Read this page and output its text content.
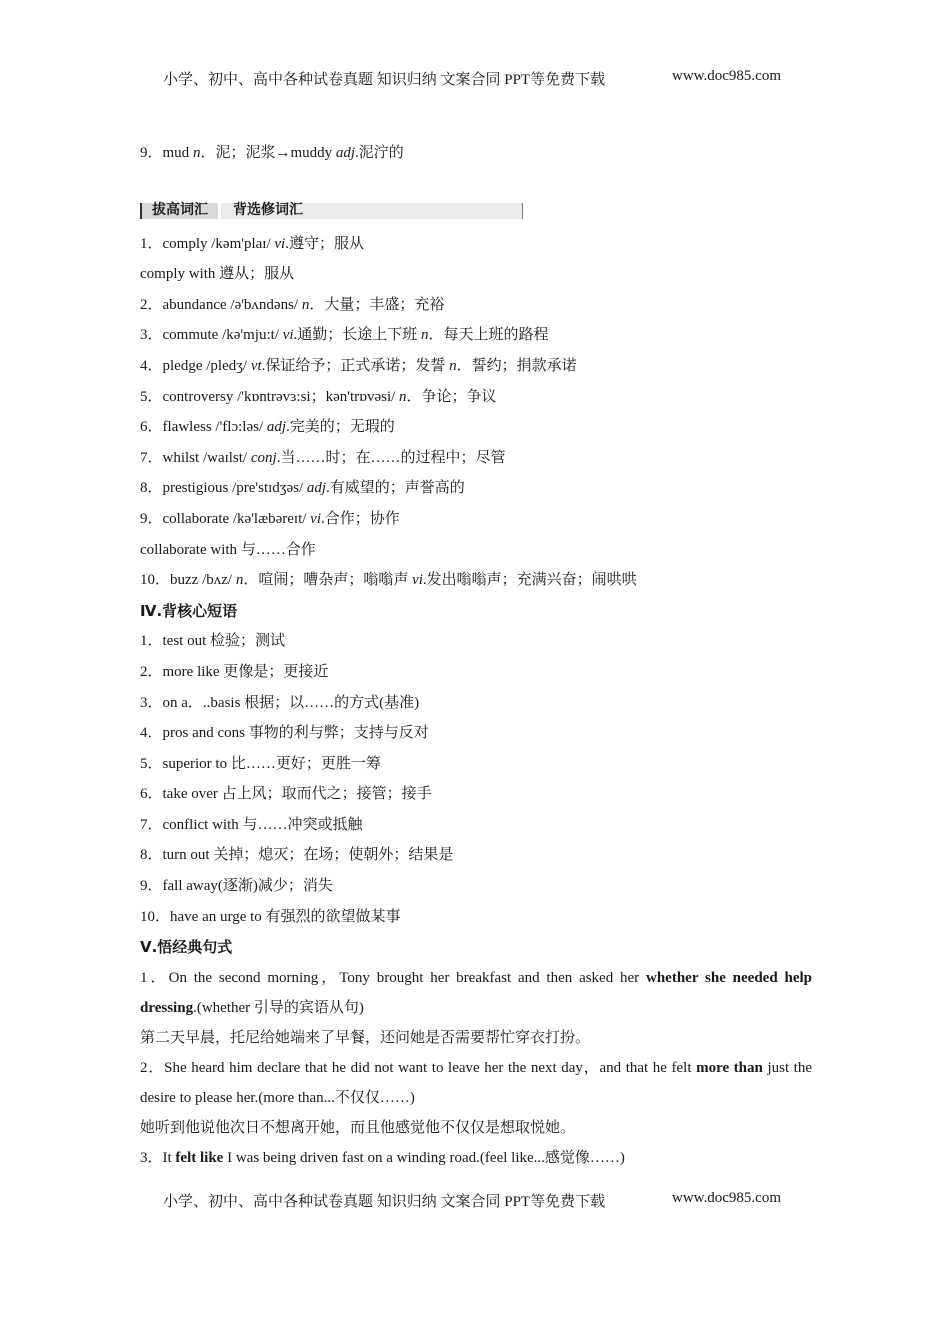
小学、初中、高中各种试卷真题 知识归纳 文案合同 PPT等免费下载	www.doc985.com
9．mud n．泥；泥浆→muddy adj.泥泞的
拔高词汇	背选修词汇
1．comply /kəm'plaɪ/ vi.遵守；服从
comply with 遵从；服从
2．abundance /ə'bʌndəns/ n．大量；丰盛；充裕
3．commute /kə'mju:t/ vi.通勤；长途上下班 n．每天上班的路程
4．pledge /pledʒ/ vt.保证给予；正式承诺；发誓 n．誓约；捐款承诺
5．controversy /'kɒntrəvɜ:si；kən'trɒvəsi/ n．争论；争议
6．flawless /'flɔ:ləs/ adj.完美的；无瑕的
7．whilst /waɪlst/ conj.当……时；在……的过程中；尽管
8．prestigious /pre'stɪdʒəs/ adj.有威望的；声誉高的
9．collaborate /kə'læbəreɪt/ vi.合作；协作
collaborate with 与……合作
10．buzz /bʌz/ n．喧闹；嘈杂声；嗡嗡声 vi.发出嗡嗡声；充满兴奋；闹哄哄
Ⅳ.背核心短语
1．test out 检验；测试
2．more like 更像是；更接近
3．on a．..basis 根据；以……的方式(基准)
4．pros and cons 事物的利与弊；支持与反对
5．superior to 比……更好；更胜一筹
6．take over 占上风；取而代之；接管；接手
7．conflict with 与……冲突或抵触
8．turn out 关掉；熄灭；在场；使朝外；结果是
9．fall away(逐渐)减少；消失
10．have an urge to 有强烈的欲望做某事
Ⅴ.悟经典句式
1．On the second morning，Tony brought her breakfast and then asked her whether she needed help dressing.(whether 引导的宾语从句)
第二天早晨，托尼给她端来了早餐，还问她是否需要帮忙穿衣打扮。
2．She heard him declare that he did not want to leave her the next day，and that he felt more than just the desire to please her.(more than...不仅仅……)
她听到他说他次日不想离开她，而且他感觉他不仅仅是想取悦她。
3．It felt like I was being driven fast on a winding road.(feel like...感觉像……)
小学、初中、高中各种试卷真题 知识归纳 文案合同 PPT等免费下载	www.doc985.com
